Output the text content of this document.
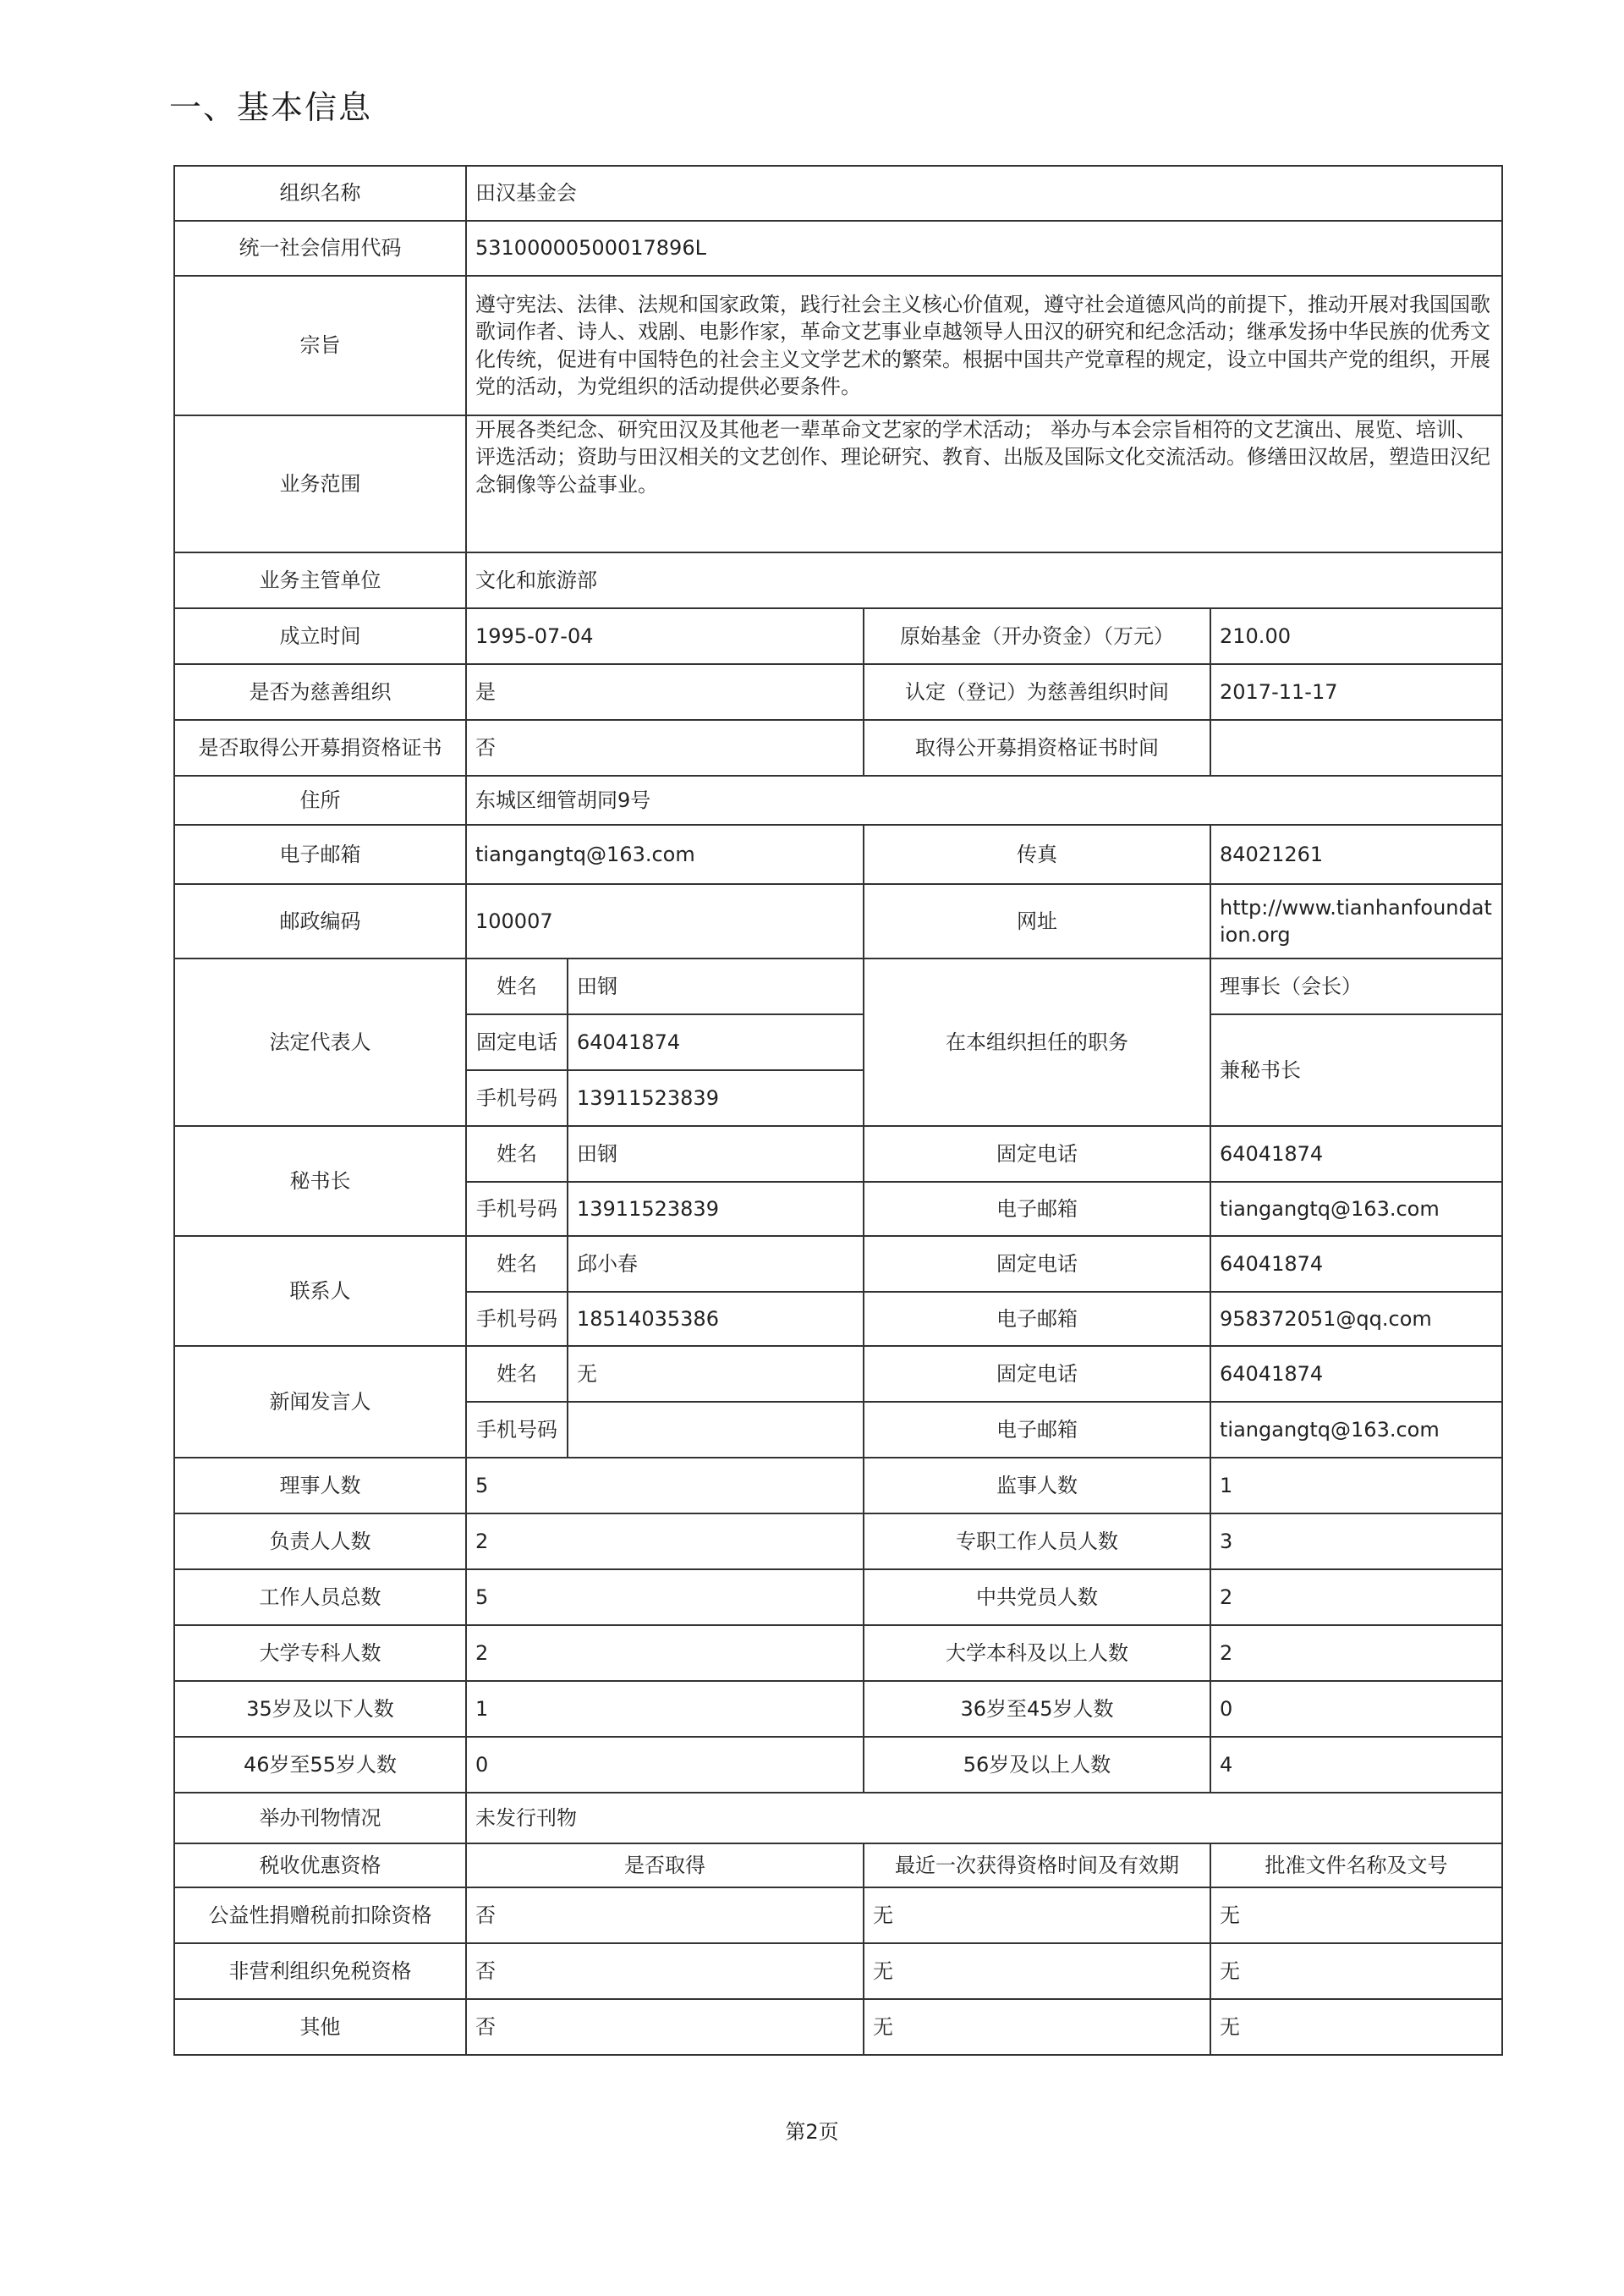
一、基本信息
组织名称	田汉基金会			
统一社会信用代码	53100000500017896L			
宗旨	遵守宪法、法律、法规和国家政策，践行社会主义核心价值观，遵守社会道德风尚的前提下，推动开展对我国国歌歌词作者、诗人、戏剧、电影作家，革命文艺事业卓越领导人田汉的研究和纪念活动；继承发扬中华民族的优秀文化传统，促进有中国特色的社会主义文学艺术的繁荣。根据中国共产党章程的规定，设立中国共产党的组织，开展党的活动，为党组织的活动提供必要条件。			
业务范围	开展各类纪念、研究田汉及其他老一辈革命文艺家的学术活动； 举办与本会宗旨相符的文艺演出、展览、培训、评选活动；资助与田汉相关的文艺创作、理论研究、教育、出版及国际文化交流活动。修缮田汉故居，塑造田汉纪念铜像等公益事业。			
业务主管单位	文化和旅游部			
成立时间	1995-07-04		原始基金（开办资金）（万元）	210.00
是否为慈善组织	是		认定（登记）为慈善组织时间	2017-11-17
是否取得公开募捐资格证书	否		取得公开募捐资格证书时间	
住所	东城区细管胡同9号			
电子邮箱	tiangangtq@163.com		传真	84021261
邮政编码	100007		网址	http://www.tianhanfoundation.org
法定代表人	姓名	田钢	在本组织担任的职务	理事长（会长）
	固定电话	64041874		兼秘书长
	手机号码	13911523839		
秘书长	姓名	田钢	固定电话	64041874
	手机号码	13911523839	电子邮箱	tiangangtq@163.com
联系人	姓名	邱小春	固定电话	64041874
	手机号码	18514035386	电子邮箱	958372051@qq.com
新闻发言人	姓名	无	固定电话	64041874
	手机号码		电子邮箱	tiangangtq@163.com
理事人数	5		监事人数	1
负责人人数	2		专职工作人员人数	3
工作人员总数	5		中共党员人数	2
大学专科人数	2		大学本科及以上人数	2
35岁及以下人数	1		36岁至45岁人数	0
46岁至55岁人数	0		56岁及以上人数	4
举办刊物情况	未发行刊物			
税收优惠资格	是否取得		最近一次获得资格时间及有效期	批准文件名称及文号
公益性捐赠税前扣除资格	否		无	无
非营利组织免税资格	否		无	无
其他	否		无	无
第2页
